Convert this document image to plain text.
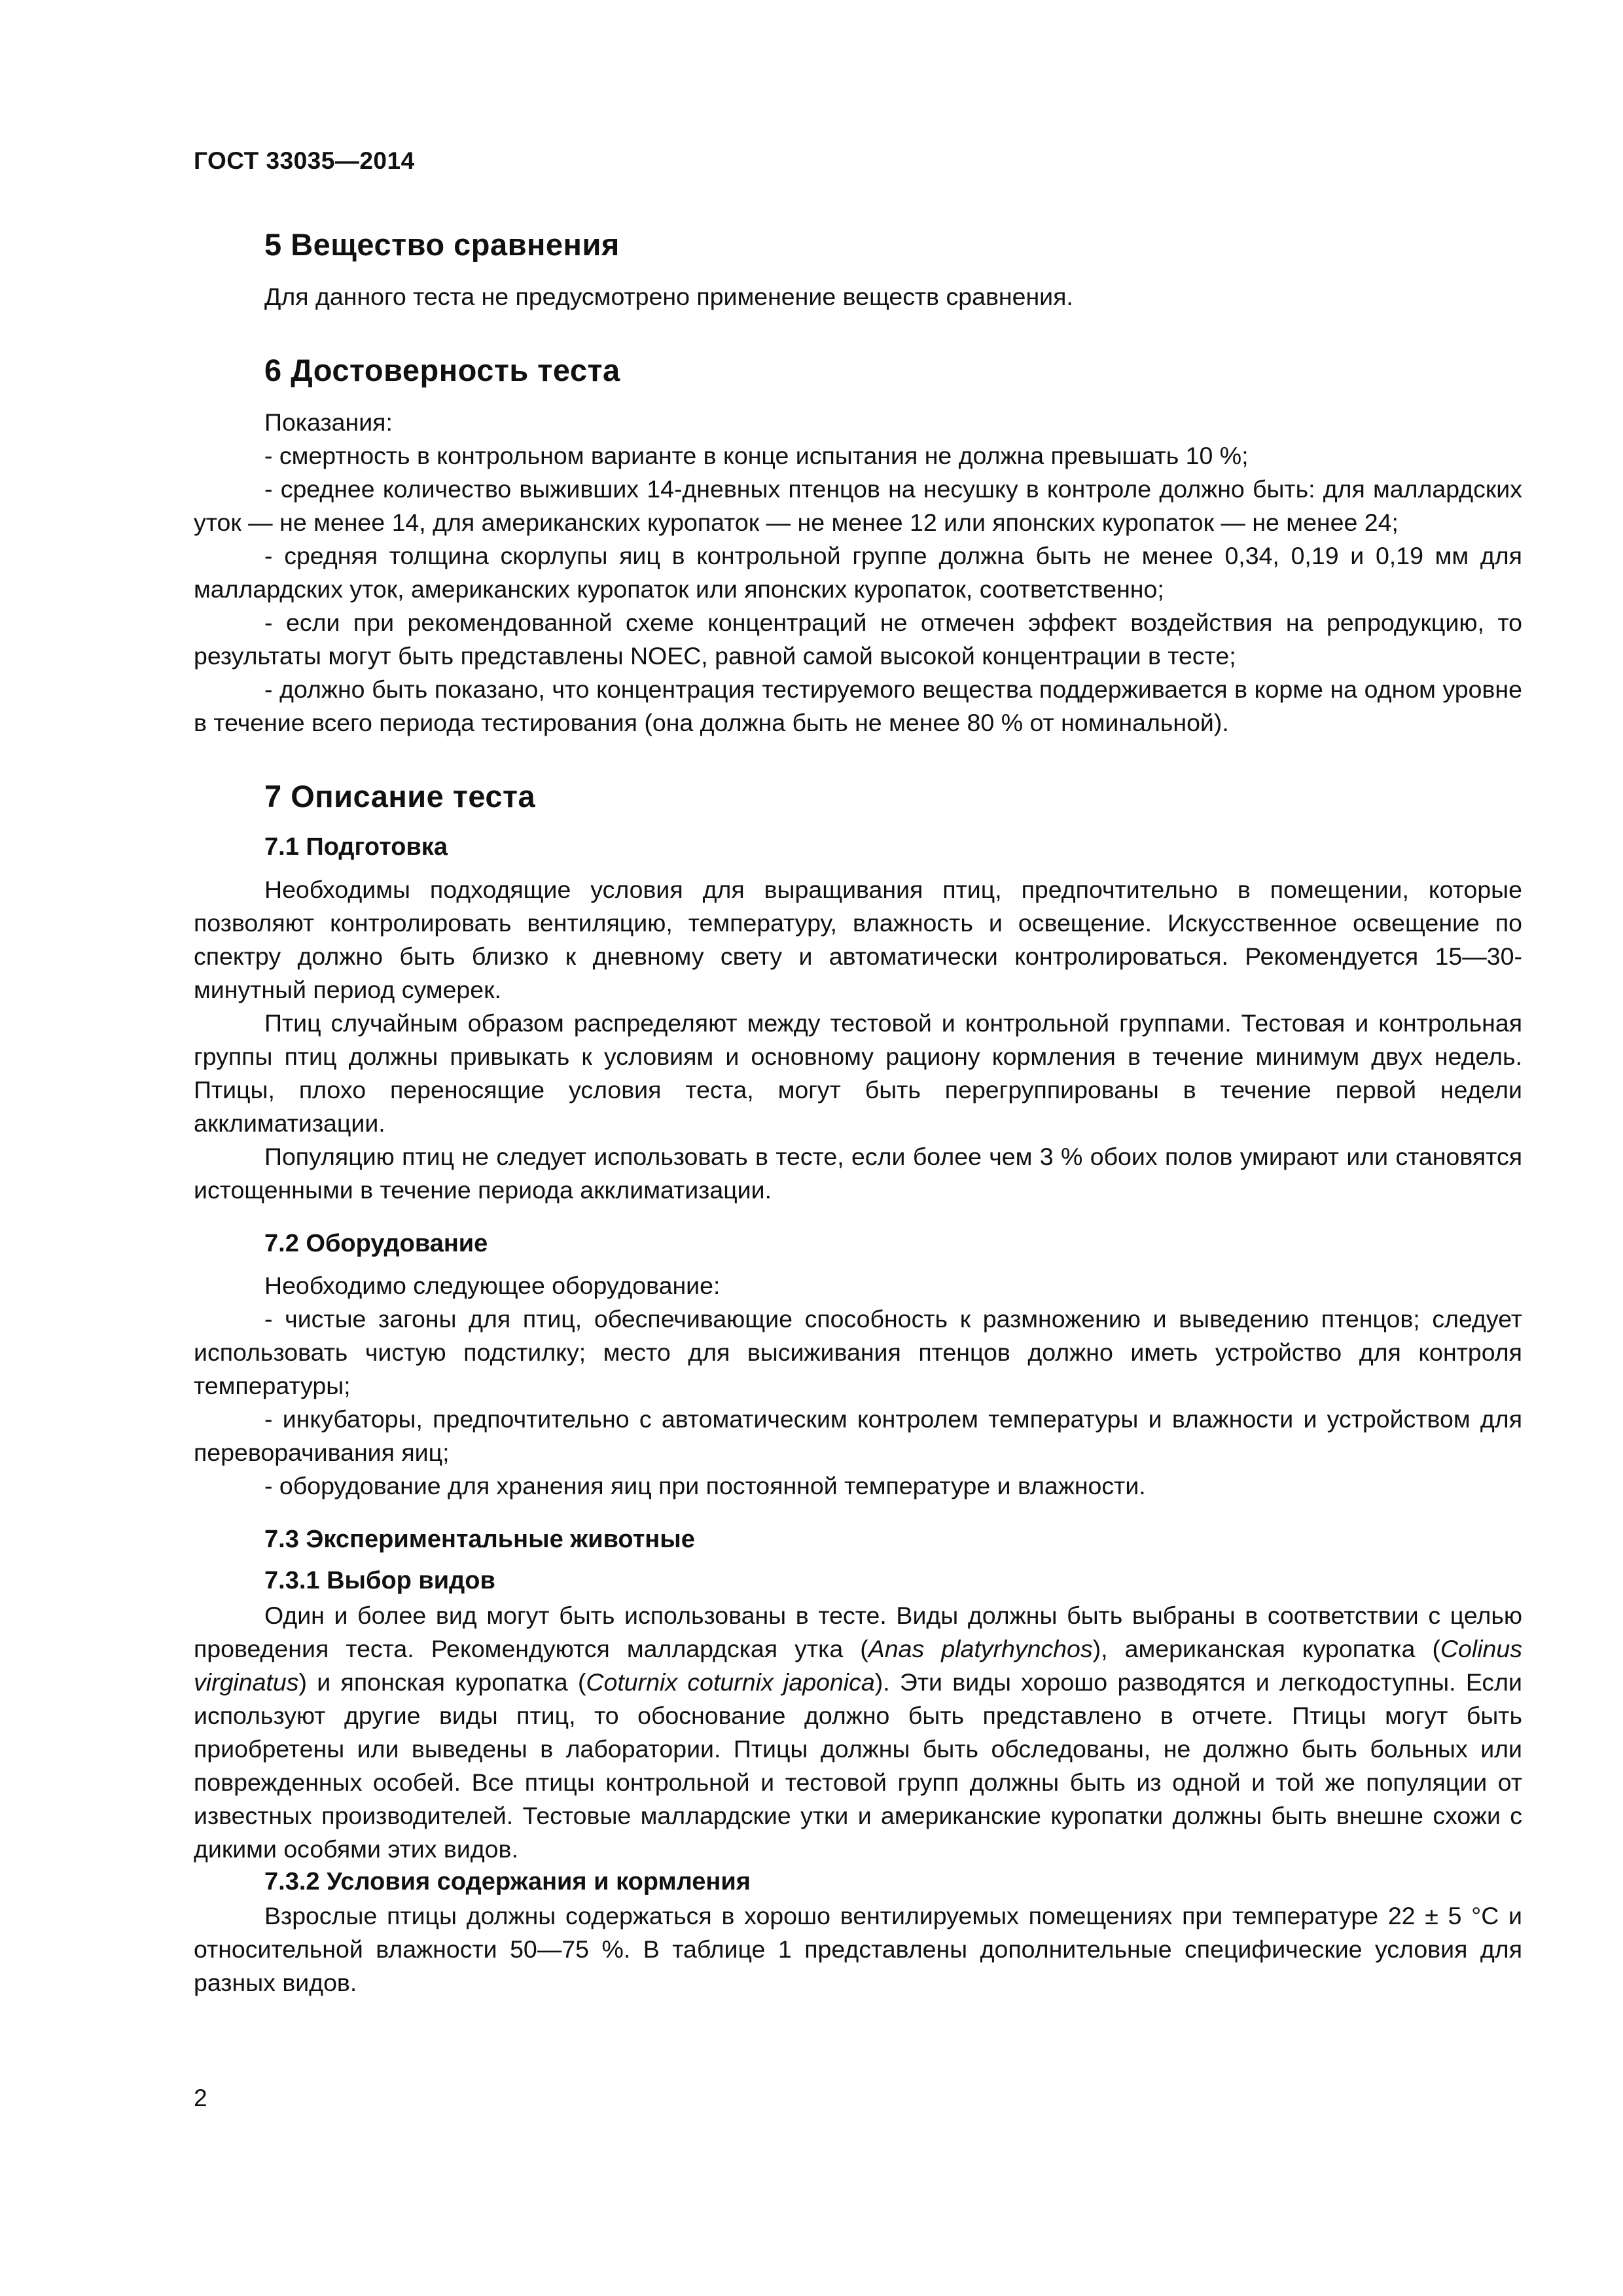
ГОСТ 33035—2014
5 Вещество сравнения

Для данного теста не предусмотрено применение веществ сравнения.

6 Достоверность теста

Показания:

- смертность в контрольном варианте в конце испытания не должна превышать 10 %;

- среднее количество выживших 14-дневных птенцов на несушку в контроле должно быть: для маллардских уток — не менее 14, для американских куропаток — не менее 12 или японских куропаток — не менее 24;

- средняя толщина скорлупы яиц в контрольной группе должна быть не менее 0,34, 0,19 и 0,19 мм для маллардских уток, американских куропаток или японских куропаток, соответственно;

- если при рекомендованной схеме концентраций не отмечен эффект воздействия на репродукцию, то результаты могут быть представлены NOEC, равной самой высокой концентрации в тесте;

- должно быть показано, что концентрация тестируемого вещества поддерживается в корме на одном уровне в течение всего периода тестирования (она должна быть не менее 80 % от номинальной).

7 Описание теста
7.1 Подготовка

Необходимы подходящие условия для выращивания птиц, предпочтительно в помещении, которые позволяют контролировать вентиляцию, температуру, влажность и освещение. Искусственное освещение по спектру должно быть близко к дневному свету и автоматически контролироваться. Рекомендуется 15—30-минутный период сумерек.

Птиц случайным образом распределяют между тестовой и контрольной группами. Тестовая и контрольная группы птиц должны привыкать к условиям и основному рациону кормления в течение минимум двух недель. Птицы, плохо переносящие условия теста, могут быть перегруппированы в течение первой недели акклиматизации.

Популяцию птиц не следует использовать в тесте, если более чем 3 % обоих полов умирают или становятся истощенными в течение периода акклиматизации.

7.2 Оборудование

Необходимо следующее оборудование:

- чистые загоны для птиц, обеспечивающие способность к размножению и выведению птенцов; следует использовать чистую подстилку; место для высиживания птенцов должно иметь устройство для контроля температуры;

- инкубаторы, предпочтительно с автоматическим контролем температуры и влажности и устройством для переворачивания яиц;

- оборудование для хранения яиц при постоянной температуре и влажности.

7.3 Экспериментальные животные
7.3.1 Выбор видов

Один и более вид могут быть использованы в тесте. Виды должны быть выбраны в соответствии с целью проведения теста. Рекомендуются маллардская утка (Anas platyrhynchos), американская куропатка (Colinus virginatus) и японская куропатка (Coturnix coturnix japonica). Эти виды хорошо разводятся и легкодоступны. Если используют другие виды птиц, то обоснование должно быть представлено в отчете. Птицы могут быть приобретены или выведены в лаборатории. Птицы должны быть обследованы, не должно быть больных или поврежденных особей. Все птицы контрольной и тестовой групп должны быть из одной и той же популяции от известных производителей. Тестовые маллардские утки и американские куропатки должны быть внешне схожи с дикими особями этих видов.

7.3.2 Условия содержания и кормления

Взрослые птицы должны содержаться в хорошо вентилируемых помещениях при температуре 22 ± 5 °С и относительной влажности 50—75 %. В таблице 1 представлены дополнительные специфические условия для разных видов.

2
